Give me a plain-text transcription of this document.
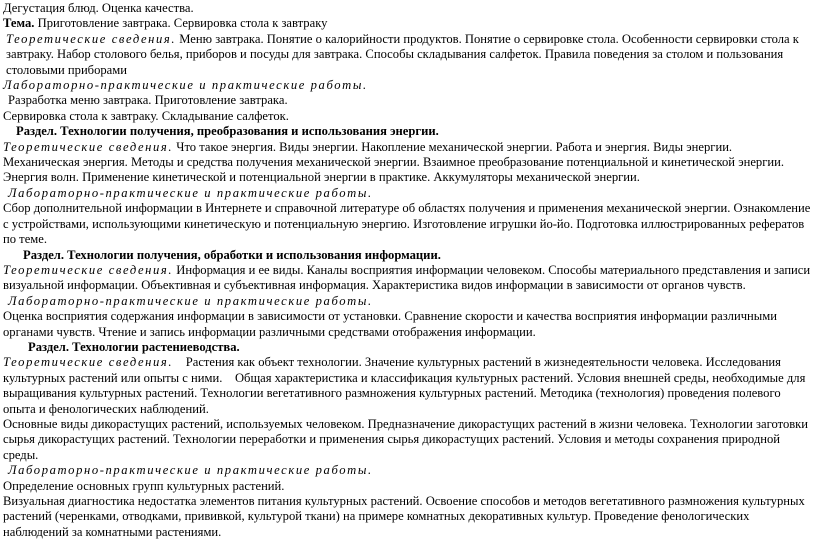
Дегустация блюд. Оценка качества.

Тема. Приготовление завтрака. Сервировка стола к завтраку

Теоретические сведения. Меню завтрака. Понятие о калорийности продуктов. Понятие о сервировке стола. Особенности сервировки стола к завтраку. Набор столового белья, приборов и посуды для завтрака. Способы складывания салфеток. Правила поведения за столом и пользования столовыми приборами

Лабораторно-практические и практические работы.

Разработка меню завтрака. Приготовление завтрака.

Сервировка стола к завтраку. Складывание салфеток.

Раздел. Технологии получения, преобразования и использования энергии.

Теоретические сведения. Что такое энергия. Виды энергии. Накопление механической энергии. Работа и энергия. Виды энергии. Механическая энергия. Методы и средства получения механической энергии. Взаимное преобразование потенциальной и кинетической энергии. Энергия волн. Применение кинетической и потенциальной энергии в практике. Аккумуляторы механической энергии.

Лабораторно-практические и практические работы.

Сбор дополнительной информации в Интернете и справочной литературе об областях получения и применения механической энергии. Ознакомление с устройствами, использующими кинетическую и потенциальную энергию. Изготовление игрушки йо-йо. Подготовка иллюстрированных рефератов по теме.

Раздел. Технологии получения, обработки и использования информации.

Теоретические сведения. Информация и ее виды. Каналы восприятия информации человеком. Способы материального представления и записи визуальной информации. Объективная и субъективная информация. Характеристика видов информации в зависимости от органов чувств.

Лабораторно-практические и практические работы.

Оценка восприятия содержания информации в зависимости от установки. Сравнение скорости и качества восприятия информации различными органами чувств. Чтение и запись информации различными средствами отображения информации.

Раздел. Технологии растениеводства.

Теоретические сведения.    Растения как объект технологии. Значение культурных растений в жизнедеятельности человека. Исследования культурных растений или опыты с ними.    Общая характеристика и классификация культурных растений. Условия внешней среды, необходимые для выращивания культурных растений. Технологии вегетативного размножения культурных растений. Методика (технология) проведения полевого опыта и фенологических наблюдений.

Основные виды дикорастущих растений, используемых человеком. Предназначение дикорастущих растений в жизни человека. Технологии заготовки сырья дикорастущих растений. Технологии переработки и применения сырья дикорастущих растений. Условия и методы сохранения природной среды.

Лабораторно-практические и практические работы.

Определение основных групп культурных растений.

Визуальная диагностика недостатка элементов питания культурных растений. Освоение способов и методов вегетативного размножения культурных растений (черенками, отводками, прививкой, культурой ткани) на примере комнатных декоративных культур. Проведение фенологических наблюдений за комнатными растениями.
